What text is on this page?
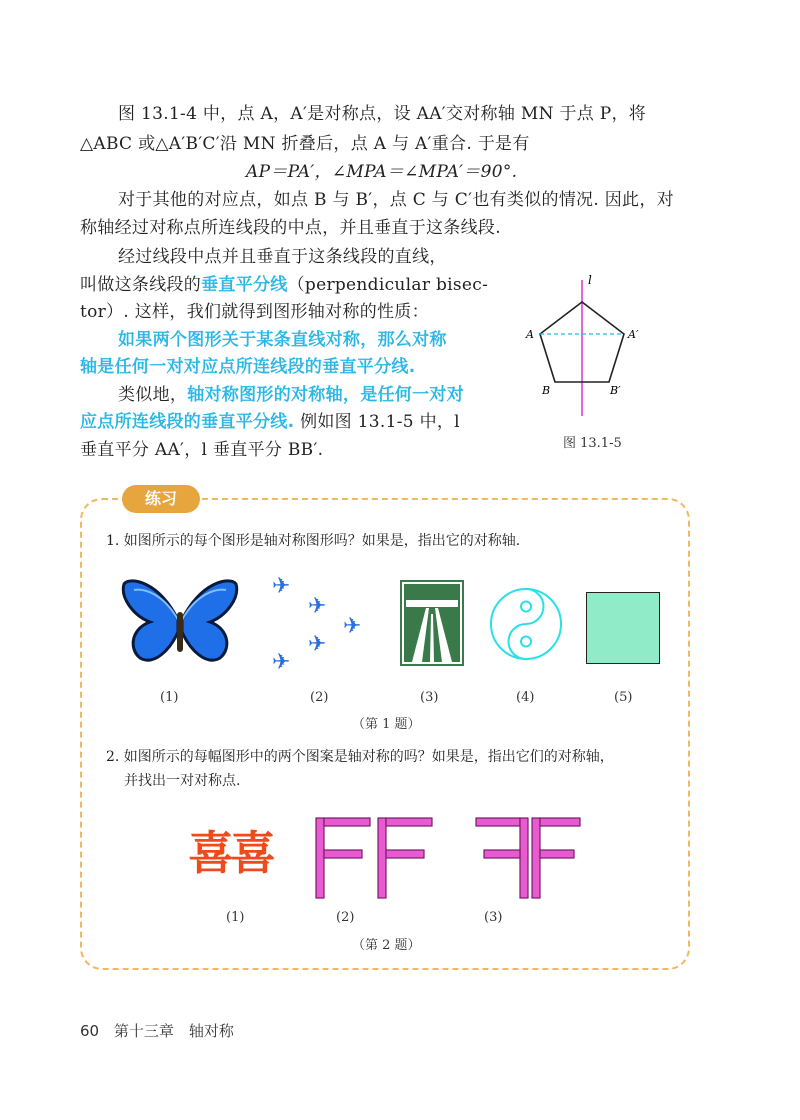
图 13.1-4 中，点 A，A′是对称点，设 AA′交对称轴 MN 于点 P，将
△ABC 或△A′B′C′沿 MN 折叠后，点 A 与 A′重合. 于是有
AP＝PA′，∠MPA＝∠MPA′＝90°.
对于其他的对应点，如点 B 与 B′，点 C 与 C′也有类似的情况. 因此，对
称轴经过对称点所连线段的中点，并且垂直于这条线段.
经过线段中点并且垂直于这条线段的直线，
叫做这条线段的垂直平分线（perpendicular bisec-
tor）. 这样，我们就得到图形轴对称的性质：
如果两个图形关于某条直线对称，那么对称
轴是任何一对对应点所连线段的垂直平分线.
类似地，轴对称图形的对称轴，是任何一对对
应点所连线段的垂直平分线. 例如图 13.1-5 中，l
垂直平分 AA′，l 垂直平分 BB′.
l
A	A′
B	B′
图 13.1-5
练习
1. 如图所示的每个图形是轴对称图形吗？如果是，指出它的对称轴.
✈
✈
✈
✈
✈
(1)	(2)	(3)	(4)	(5)
（第 1 题）
2. 如图所示的每幅图形中的两个图案是轴对称的吗？如果是，指出它们的对称轴，
并找出一对对称点.
喜喜
(1)	(2)	(3)
（第 2 题）
60 第十三章　轴对称
